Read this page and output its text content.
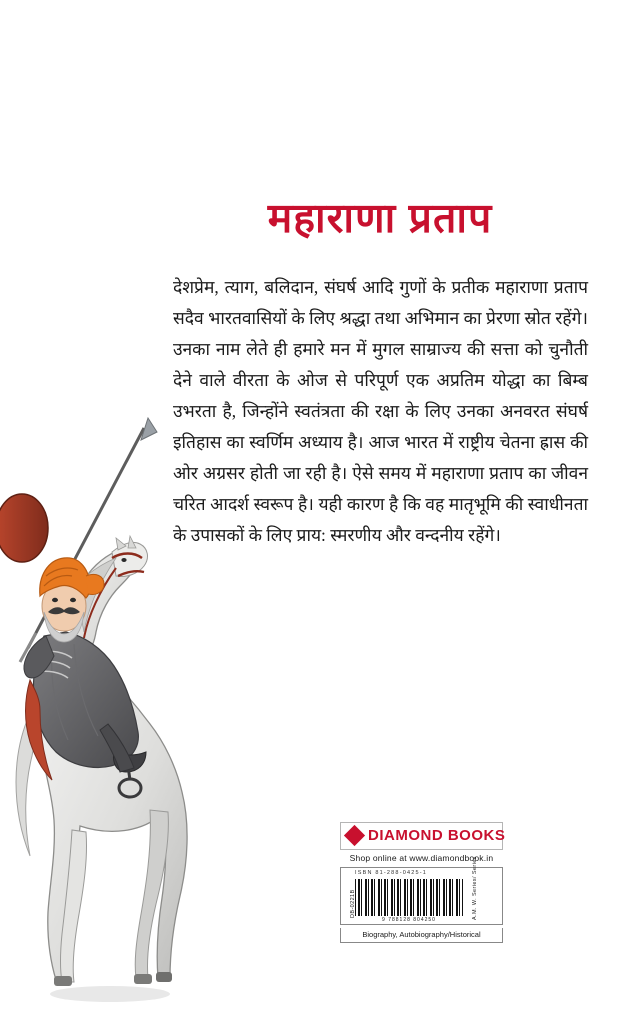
महाराणा प्रताप

देशप्रेम, त्याग, बलिदान, संघर्ष आदि गुणों के प्रतीक महाराणा प्रताप सदैव भारतवासियों के लिए श्रद्धा तथा अभिमान का प्रेरणा स्रोत रहेंगे। उनका नाम लेते ही हमारे मन में मुगल साम्राज्य की सत्ता को चुनौती देने वाले वीरता के ओज से परिपूर्ण एक अप्रतिम योद्धा का बिम्ब उभरता है, जिन्होंने स्वतंत्रता की रक्षा के लिए उनका अनवरत संघर्ष इतिहास का स्वर्णिम अध्याय है। आज भारत में राष्ट्रीय चेतना ह्रास की ओर अग्रसर होती जा रही है। ऐसे समय में महाराणा प्रताप का जीवन चरित आदर्श स्वरूप है। यही कारण है कि वह मातृभूमि की स्वाधीनता के उपासकों के लिए प्राय: स्मरणीय और वन्दनीय रहेंगे।

DIAMOND BOOKS
Shop online at www.diamondbook.in
ISBN 81-288-0425-1
9 788128 804250
DB-0221B	A.M. W. Series/ Series
Biography, Autobiography/Historical
